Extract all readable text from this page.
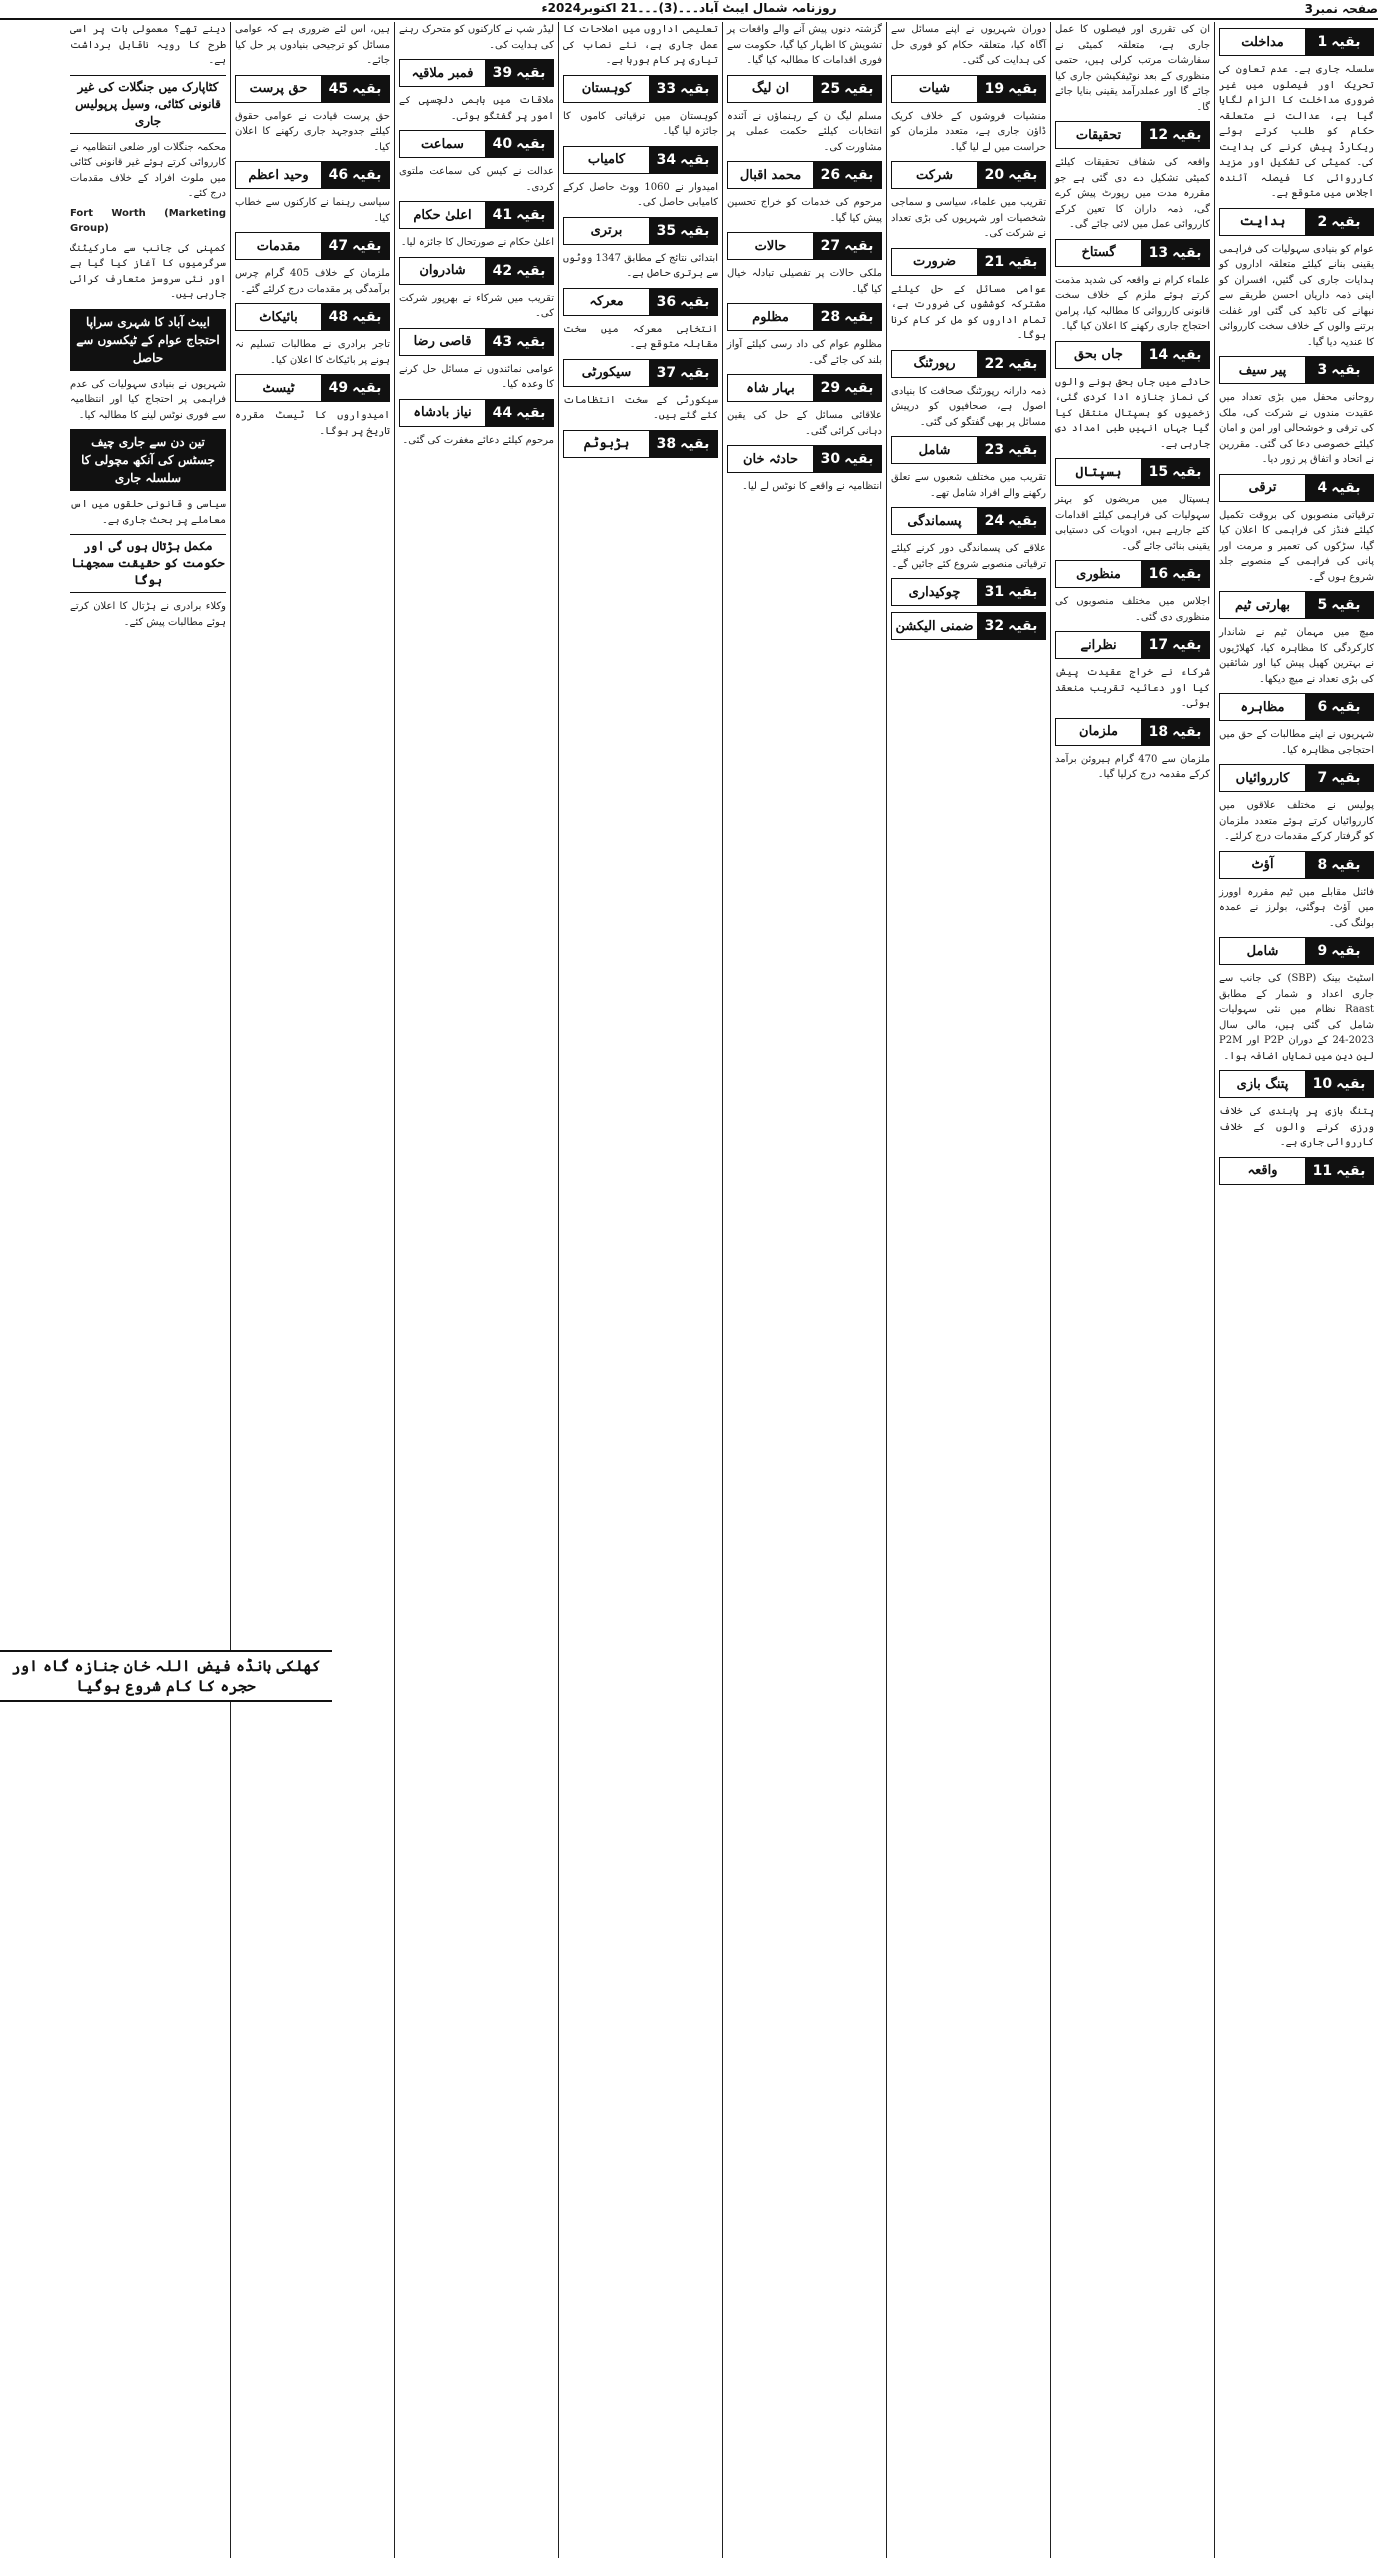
روزنامہ شمال ایبٹ آباد۔۔۔(3)۔۔۔21 اکتوبر2024ء	صفحہ نمبر3
بقیہ
1
مداخلت
سلسلہ جاری ہے۔ عدم تعاون کی تحریک اور فیصلوں میں غیر ضروری مداخلت کا الزام لگایا گیا ہے، عدالت نے متعلقہ حکام کو طلب کرتے ہوئے ریکارڈ پیش کرنے کی ہدایت کی۔ کمیٹی کی تشکیل اور مزید کارروائی کا فیصلہ آئندہ اجلاس میں متوقع ہے۔
بقیہ
2
ہدایت
عوام کو بنیادی سہولیات کی فراہمی یقینی بنانے کیلئے متعلقہ اداروں کو ہدایات جاری کی گئیں، افسران کو اپنی ذمہ داریاں احسن طریقے سے نبھانے کی تاکید کی گئی اور غفلت برتنے والوں کے خلاف سخت کارروائی کا عندیہ دیا گیا۔
بقیہ
3
پیر سیف
روحانی محفل میں بڑی تعداد میں عقیدت مندوں نے شرکت کی، ملک کی ترقی و خوشحالی اور امن و امان کیلئے خصوصی دعا کی گئی۔ مقررین نے اتحاد و اتفاق پر زور دیا۔
بقیہ
4
ترقی
ترقیاتی منصوبوں کی بروقت تکمیل کیلئے فنڈز کی فراہمی کا اعلان کیا گیا، سڑکوں کی تعمیر و مرمت اور پانی کی فراہمی کے منصوبے جلد شروع ہوں گے۔
بقیہ
5
بھارتی ٹیم
میچ میں مہمان ٹیم نے شاندار کارکردگی کا مظاہرہ کیا، کھلاڑیوں نے بہترین کھیل پیش کیا اور شائقین کی بڑی تعداد نے میچ دیکھا۔
بقیہ
6
مظاہرہ
شہریوں نے اپنے مطالبات کے حق میں احتجاجی مظاہرہ کیا۔
بقیہ
7
کارروائیاں
پولیس نے مختلف علاقوں میں کارروائیاں کرتے ہوئے متعدد ملزمان کو گرفتار کرکے مقدمات درج کرلئے۔
بقیہ
8
آؤٹ
فائنل مقابلے میں ٹیم مقررہ اوورز میں آؤٹ ہوگئی، بولرز نے عمدہ بولنگ کی۔
بقیہ
9
شامل
اسٹیٹ بینک (SBP) کی جانب سے جاری اعداد و شمار کے مطابق Raast نظام میں نئی سہولیات شامل کی گئی ہیں، مالی سال 2023-24 کے دوران P2P اور P2M لین دین میں نمایاں اضافہ ہوا۔
بقیہ
10
پتنگ بازی
پتنگ بازی پر پابندی کی خلاف ورزی کرنے والوں کے خلاف کارروائی جاری ہے۔
بقیہ
11
واقعہ
ان کی تقرری اور فیصلوں کا عمل جاری ہے، متعلقہ کمیٹی نے سفارشات مرتب کرلی ہیں، حتمی منظوری کے بعد نوٹیفکیشن جاری کیا جائے گا اور عملدرآمد یقینی بنایا جائے گا۔
بقیہ
12
تحقیقات
واقعہ کی شفاف تحقیقات کیلئے کمیٹی تشکیل دے دی گئی ہے جو مقررہ مدت میں رپورٹ پیش کرے گی، ذمہ داران کا تعین کرکے کارروائی عمل میں لائی جائے گی۔
بقیہ
13
گستاخ
علماء کرام نے واقعہ کی شدید مذمت کرتے ہوئے ملزم کے خلاف سخت قانونی کارروائی کا مطالبہ کیا، پرامن احتجاج جاری رکھنے کا اعلان کیا گیا۔
بقیہ
14
جاں بحق
حادثے میں جاں بحق ہونے والوں کی نماز جنازہ ادا کردی گئی، زخمیوں کو ہسپتال منتقل کیا گیا جہاں انہیں طبی امداد دی جارہی ہے۔
بقیہ
15
ہسپتال
ہسپتال میں مریضوں کو بہتر سہولیات کی فراہمی کیلئے اقدامات کئے جارہے ہیں، ادویات کی دستیابی یقینی بنائی جائے گی۔
بقیہ
16
منظوری
اجلاس میں مختلف منصوبوں کی منظوری دی گئی۔
بقیہ
17
نظرانے
شرکاء نے خراج عقیدت پیش کیا اور دعائیہ تقریب منعقد ہوئی۔
بقیہ
18
ملزمان
ملزمان سے 470 گرام ہیروئن برآمد کرکے مقدمہ درج کرلیا گیا۔
دوران شہریوں نے اپنے مسائل سے آگاہ کیا، متعلقہ حکام کو فوری حل کی ہدایت کی گئی۔
بقیہ
19
شیات
منشیات فروشوں کے خلاف کریک ڈاؤن جاری ہے، متعدد ملزمان کو حراست میں لے لیا گیا۔
بقیہ
20
شرکت
تقریب میں علماء، سیاسی و سماجی شخصیات اور شہریوں کی بڑی تعداد نے شرکت کی۔
بقیہ
21
ضرورت
عوامی مسائل کے حل کیلئے مشترکہ کوششوں کی ضرورت ہے، تمام اداروں کو مل کر کام کرنا ہوگا۔
بقیہ
22
رپورٹنگ
ذمہ دارانہ رپورٹنگ صحافت کا بنیادی اصول ہے، صحافیوں کو درپیش مسائل پر بھی گفتگو کی گئی۔
بقیہ
23
شامل
تقریب میں مختلف شعبوں سے تعلق رکھنے والے افراد شامل تھے۔
بقیہ
24
پسماندگی
علاقے کی پسماندگی دور کرنے کیلئے ترقیاتی منصوبے شروع کئے جائیں گے۔
بقیہ
31
چوکیداری
بقیہ
32
ضمنی الیکشن
گزشتہ دنوں پیش آنے والے واقعات پر تشویش کا اظہار کیا گیا، حکومت سے فوری اقدامات کا مطالبہ کیا گیا۔
بقیہ
25
ان لیگ
مسلم لیگ ن کے رہنماؤں نے آئندہ انتخابات کیلئے حکمت عملی پر مشاورت کی۔
بقیہ
26
محمد اقبال
مرحوم کی خدمات کو خراج تحسین پیش کیا گیا۔
بقیہ
27
حالات
ملکی حالات پر تفصیلی تبادلہ خیال کیا گیا۔
بقیہ
28
مظلوم
مظلوم عوام کی داد رسی کیلئے آواز بلند کی جائے گی۔
بقیہ
29
بہار شاہ
علاقائی مسائل کے حل کی یقین دہانی کرائی گئی۔
بقیہ
30
حادثہ خان
انتظامیہ نے واقعے کا نوٹس لے لیا۔
تعلیمی اداروں میں اصلاحات کا عمل جاری ہے، نئے نصاب کی تیاری پر کام ہورہا ہے۔
بقیہ
33
کوہستان
کوہستان میں ترقیاتی کاموں کا جائزہ لیا گیا۔
بقیہ
34
کامیاب
امیدوار نے 1060 ووٹ حاصل کرکے کامیابی حاصل کی۔
بقیہ
35
برتری
ابتدائی نتائج کے مطابق 1347 ووٹوں سے برتری حاصل ہے۔
بقیہ
36
معرکہ
انتخابی معرکہ میں سخت مقابلہ متوقع ہے۔
بقیہ
37
سیکورٹی
سیکورٹی کے سخت انتظامات کئے گئے ہیں۔
بقیہ
38
ہڑبوٹم
لیڈر شپ نے کارکنوں کو متحرک رہنے کی ہدایت کی۔
بقیہ
39
فمبر ملاقیہ
ملاقات میں باہمی دلچسپی کے امور پر گفتگو ہوئی۔
بقیہ
40
سماعت
عدالت نے کیس کی سماعت ملتوی کردی۔
بقیہ
41
اعلیٰ حکام
اعلیٰ حکام نے صورتحال کا جائزہ لیا۔
بقیہ
42
شادروان
تقریب میں شرکاء نے بھرپور شرکت کی۔
بقیہ
43
قاصی رضا
عوامی نمائندوں نے مسائل حل کرنے کا وعدہ کیا۔
بقیہ
44
نیاز بادشاہ
مرحوم کیلئے دعائے مغفرت کی گئی۔
ہیں، اس لئے ضروری ہے کہ عوامی مسائل کو ترجیحی بنیادوں پر حل کیا جائے۔
بقیہ
45
حق پرست
حق پرست قیادت نے عوامی حقوق کیلئے جدوجہد جاری رکھنے کا اعلان کیا۔
بقیہ
46
وحید اعظم
سیاسی رہنما نے کارکنوں سے خطاب کیا۔
بقیہ
47
مقدمات
ملزمان کے خلاف 405 گرام چرس برآمدگی پر مقدمات درج کرلئے گئے۔
بقیہ
48
بائیکاٹ
تاجر برادری نے مطالبات تسلیم نہ ہونے پر بائیکاٹ کا اعلان کیا۔
بقیہ
49
ٹیسٹ
امیدواروں کا ٹیسٹ مقررہ تاریخ پر ہوگا۔
دینے تھے؟ معمولی بات پر اسی طرح کا رویہ ناقابل برداشت ہے۔
کٹاپارک میں جنگلات کی غیر قانونی کٹائی، وسیل پرپولیس جاری
محکمہ جنگلات اور ضلعی انتظامیہ نے کارروائی کرتے ہوئے غیر قانونی کٹائی میں ملوث افراد کے خلاف مقدمات درج کئے۔
Fort Worth (Marketing Group)
کمپنی کی جانب سے مارکیٹنگ سرگرمیوں کا آغاز کیا گیا ہے اور نئی سروسز متعارف کرائی جارہی ہیں۔
ایبٹ آباد کا شہری سراپا احتجاج عوام کے ٹیکسوں سے حاصل
شہریوں نے بنیادی سہولیات کی عدم فراہمی پر احتجاج کیا اور انتظامیہ سے فوری نوٹس لینے کا مطالبہ کیا۔
تین دن سے جاری چیف جسٹس کی آنکھ مچولی کا سلسلہ جاری
سیاسی و قانونی حلقوں میں اس معاملے پر بحث جاری ہے۔
مکمل ہڑتال ہوں گی اور حکومت کو حقیقت سمجھنا ہوگا
وکلاء برادری نے ہڑتال کا اعلان کرتے ہوئے مطالبات پیش کئے۔
کھلکی بانڈہ فیض اللہ خان جنازہ گاہ اور حجرہ کا کام شروع ہوگیا
